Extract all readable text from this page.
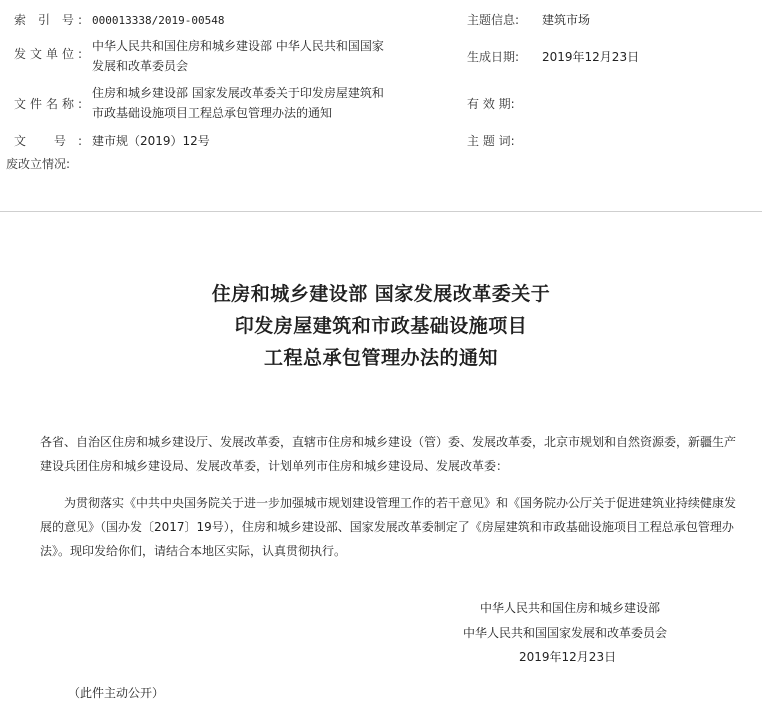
索 引 号: 000013338/2019-00548
发文单位:
中华人民共和国住房和城乡建设部 中华人民共和国国家
发展和改革委员会
文件名称:
住房和城乡建设部 国家发展改革委关于印发房屋建筑和
市政基础设施项目工程总承包管理办法的通知
文 号: 建市规（2019）12号
废改立情况:
主题信息: 建筑市场
生成日期: 2019年12月23日
有 效 期:
主 题 词:
住房和城乡建设部 国家发展改革委关于
印发房屋建筑和市政基础设施项目
工程总承包管理办法的通知
各省、自治区住房和城乡建设厅、发展改革委，直辖市住房和城乡建设（管）委、发展改革委，北京市规划和自然资源委，新疆生产
建设兵团住房和城乡建设局、发展改革委，计划单列市住房和城乡建设局、发展改革委：
为贯彻落实《中共中央国务院关于进一步加强城市规划建设管理工作的若干意见》和《国务院办公厅关于促进建筑业持续健康发
展的意见》（国办发〔2017〕19号），住房和城乡建设部、国家发展改革委制定了《房屋建筑和市政基础设施项目工程总承包管理办
法》。现印发给你们，请结合本地区实际，认真贯彻执行。
中华人民共和国住房和城乡建设部
中华人民共和国国家发展和改革委员会
2019年12月23日
（此件主动公开）
